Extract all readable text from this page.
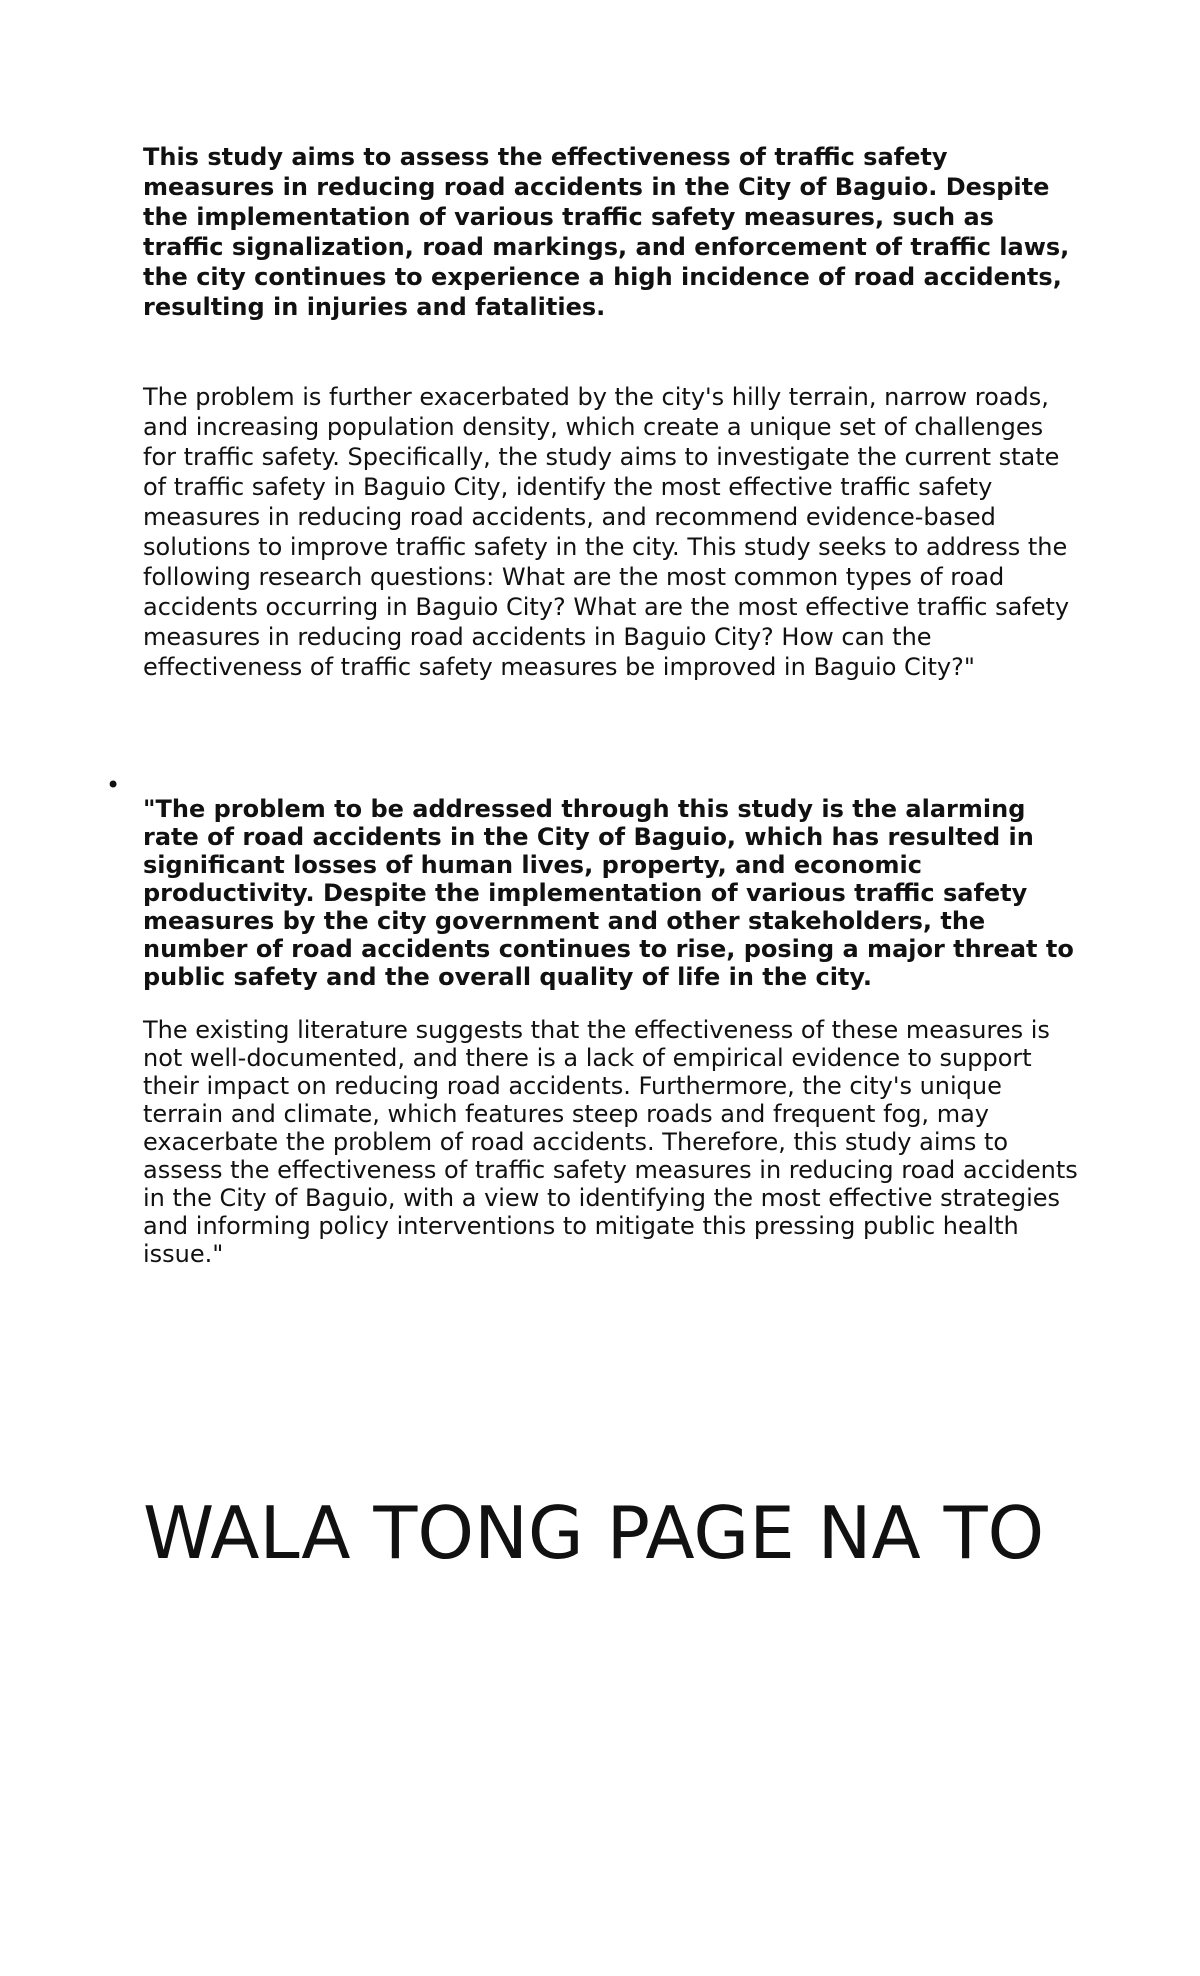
This study aims to assess the effectiveness of traffic safety measures in reducing road accidents in the City of Baguio. Despite the implementation of various traffic safety measures, such as traffic signalization, road markings, and enforcement of traffic laws, the city continues to experience a high incidence of road accidents, resulting in injuries and fatalities.

The problem is further exacerbated by the city's hilly terrain, narrow roads, and increasing population density, which create a unique set of challenges for traffic safety. Specifically, the study aims to investigate the current state of traffic safety in Baguio City, identify the most effective traffic safety measures in reducing road accidents, and recommend evidence-based solutions to improve traffic safety in the city. This study seeks to address the following research questions: What are the most common types of road accidents occurring in Baguio City? What are the most effective traffic safety measures in reducing road accidents in Baguio City? How can the effectiveness of traffic safety measures be improved in Baguio City?"

•

"The problem to be addressed through this study is the alarming rate of road accidents in the City of Baguio, which has resulted in significant losses of human lives, property, and economic productivity. Despite the implementation of various traffic safety measures by the city government and other stakeholders, the number of road accidents continues to rise, posing a major threat to public safety and the overall quality of life in the city.

The existing literature suggests that the effectiveness of these measures is not well-documented, and there is a lack of empirical evidence to support their impact on reducing road accidents. Furthermore, the city's unique terrain and climate, which features steep roads and frequent fog, may exacerbate the problem of road accidents. Therefore, this study aims to assess the effectiveness of traffic safety measures in reducing road accidents in the City of Baguio, with a view to identifying the most effective strategies and informing policy interventions to mitigate this pressing public health issue."

WALA TONG PAGE NA TO
